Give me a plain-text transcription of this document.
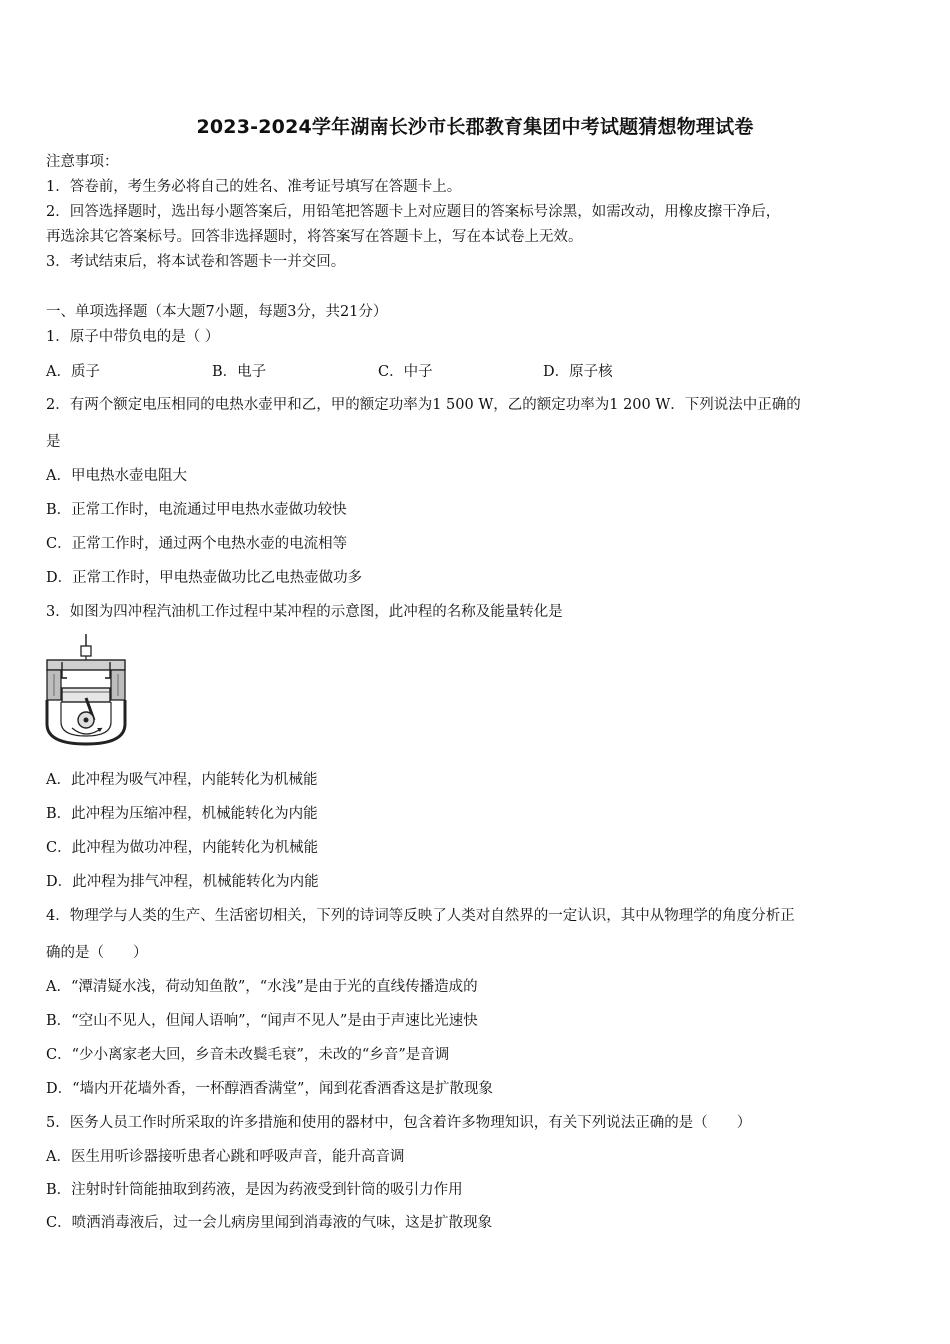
2023-2024学年湖南长沙市长郡教育集团中考试题猜想物理试卷
注意事项：
1．答卷前，考生务必将自己的姓名、准考证号填写在答题卡上。
2．回答选择题时，选出每小题答案后，用铅笔把答题卡上对应题目的答案标号涂黑，如需改动，用橡皮擦干净后，
再选涂其它答案标号。回答非选择题时，将答案写在答题卡上，写在本试卷上无效。
3．考试结束后，将本试卷和答题卡一并交回。
一、单项选择题（本大题7小题，每题3分，共21分）
1．原子中带负电的是（ ）
A．质子	B．电子	C．中子	D．原子核
2．有两个额定电压相同的电热水壶甲和乙，甲的额定功率为1 500 W，乙的额定功率为1 200 W．下列说法中正确的
是
A．甲电热水壶电阻大
B．正常工作时，电流通过甲电热水壶做功较快
C．正常工作时，通过两个电热水壶的电流相等
D．正常工作时，甲电热壶做功比乙电热壶做功多
3．如图为四冲程汽油机工作过程中某冲程的示意图，此冲程的名称及能量转化是
A．此冲程为吸气冲程，内能转化为机械能
B．此冲程为压缩冲程，机械能转化为内能
C．此冲程为做功冲程，内能转化为机械能
D．此冲程为排气冲程，机械能转化为内能
4．物理学与人类的生产、生活密切相关，下列的诗词等反映了人类对自然界的一定认识，其中从物理学的角度分析正
确的是（　　）
A．“潭清疑水浅，荷动知鱼散”，“水浅”是由于光的直线传播造成的
B．“空山不见人，但闻人语响”，“闻声不见人”是由于声速比光速快
C．“少小离家老大回，乡音未改鬓毛衰”，未改的“乡音”是音调
D．“墙内开花墙外香，一杯醇酒香满堂”，闻到花香酒香这是扩散现象
5．医务人员工作时所采取的许多措施和使用的器材中，包含着许多物理知识，有关下列说法正确的是（　　）
A．医生用听诊器接听患者心跳和呼吸声音，能升高音调
B．注射时针筒能抽取到药液，是因为药液受到针筒的吸引力作用
C．喷洒消毒液后，过一会儿病房里闻到消毒液的气味，这是扩散现象
